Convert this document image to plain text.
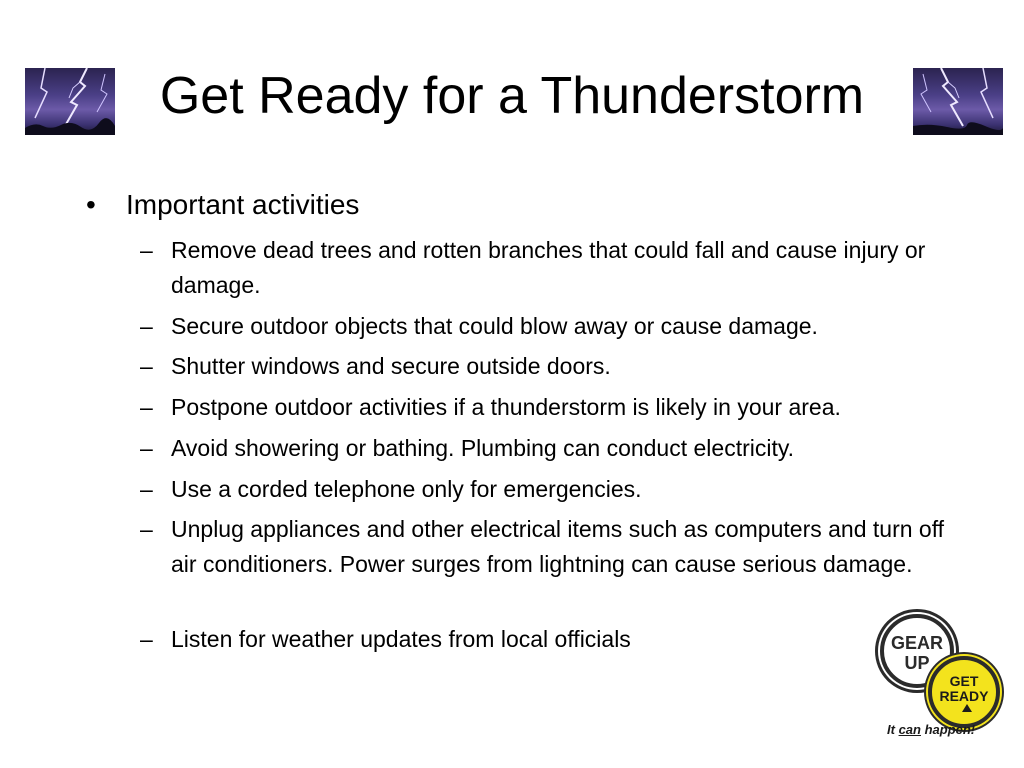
Get Ready for a Thunderstorm
• Important activities
– Remove dead trees and rotten branches that could fall and cause injury or damage.
– Secure outdoor objects that could blow away or cause damage.
– Shutter windows and secure outside doors.
– Postpone outdoor activities if a thunderstorm is likely in your area.
– Avoid showering or bathing. Plumbing can conduct electricity.
– Use a corded telephone only for emergencies.
– Unplug appliances and other electrical items such as computers and turn off air conditioners. Power surges from lightning can cause serious damage.
– Listen for weather updates from local officials	GEAR
UP
GET
READY
It can happen!
